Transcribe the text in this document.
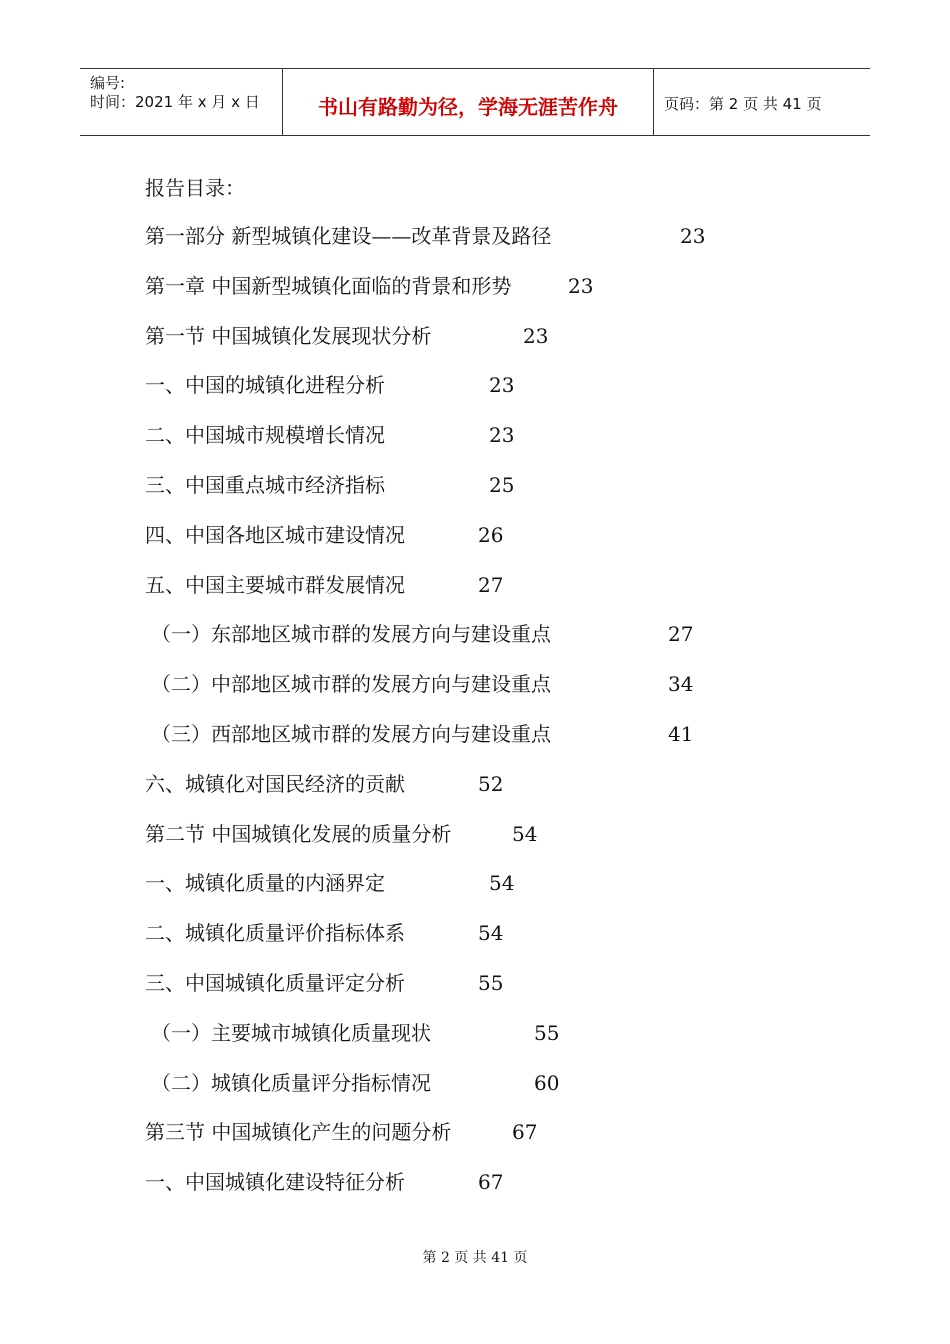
编号:
时间：2021 年 x 月 x 日	书山有路勤为径，学海无涯苦作舟	页码：第 2 页 共 41 页
报告目录：
第一部分 新型城镇化建设——改革背景及路径	23
第一章 中国新型城镇化面临的背景和形势	23
第一节 中国城镇化发展现状分析	23
一、中国的城镇化进程分析	23
二、中国城市规模增长情况	23
三、中国重点城市经济指标	25
四、中国各地区城市建设情况	26
五、中国主要城市群发展情况	27
（一）东部地区城市群的发展方向与建设重点	27
（二）中部地区城市群的发展方向与建设重点	34
（三）西部地区城市群的发展方向与建设重点	41
六、城镇化对国民经济的贡献	52
第二节 中国城镇化发展的质量分析	54
一、城镇化质量的内涵界定	54
二、城镇化质量评价指标体系	54
三、中国城镇化质量评定分析	55
（一）主要城市城镇化质量现状	55
（二）城镇化质量评分指标情况	60
第三节 中国城镇化产生的问题分析	67
一、中国城镇化建设特征分析	67
第 2 页 共 41 页
